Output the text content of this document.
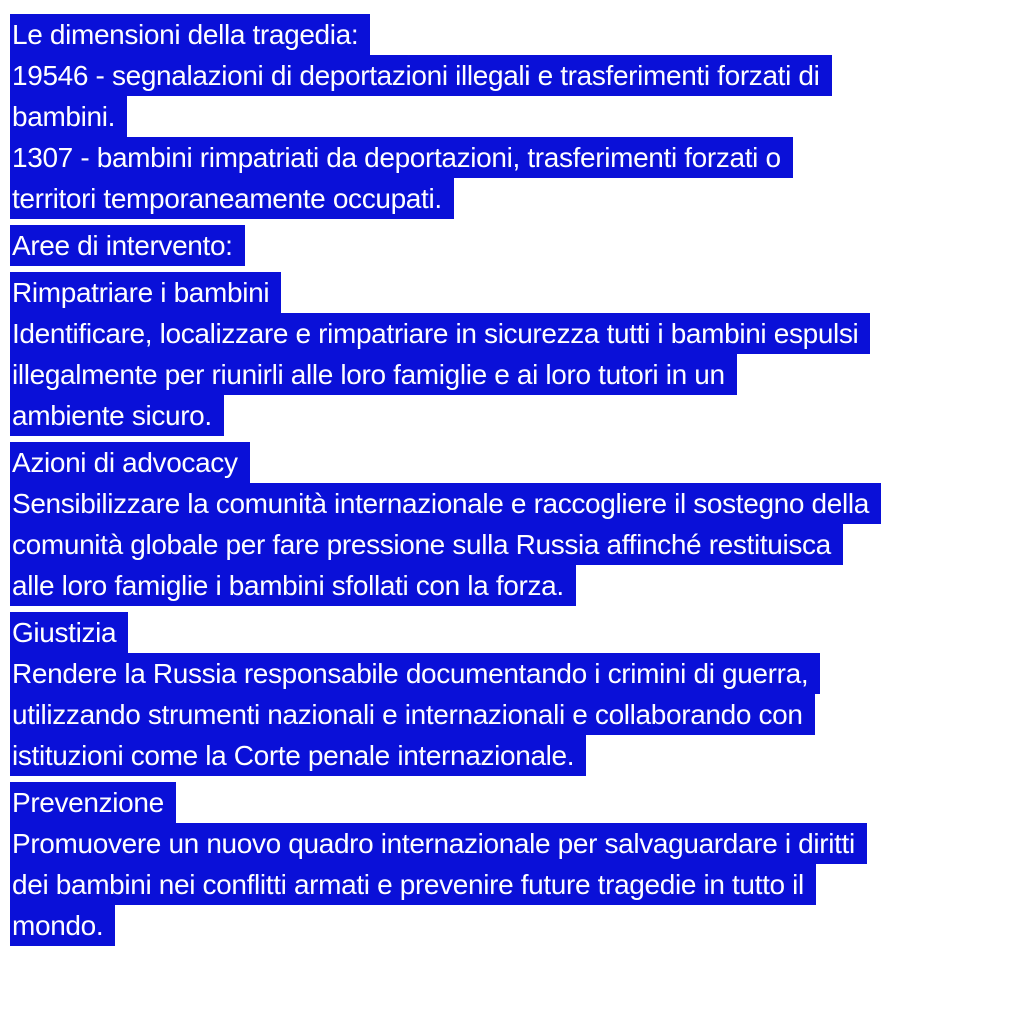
Le dimensioni della tragedia:
19546 - segnalazioni di deportazioni illegali e trasferimenti forzati di
bambini.
1307 - bambini rimpatriati da deportazioni, trasferimenti forzati o
territori temporaneamente occupati.
Aree di intervento:
Rimpatriare i bambini
Identificare, localizzare e rimpatriare in sicurezza tutti i bambini espulsi
illegalmente per riunirli alle loro famiglie e ai loro tutori in un
ambiente sicuro.
Azioni di advocacy
Sensibilizzare la comunità internazionale e raccogliere il sostegno della
comunità globale per fare pressione sulla Russia affinché restituisca
alle loro famiglie i bambini sfollati con la forza.
Giustizia
Rendere la Russia responsabile documentando i crimini di guerra,
utilizzando strumenti nazionali e internazionali e collaborando con
istituzioni come la Corte penale internazionale.
Prevenzione
Promuovere un nuovo quadro internazionale per salvaguardare i diritti
dei bambini nei conflitti armati e prevenire future tragedie in tutto il
mondo.
